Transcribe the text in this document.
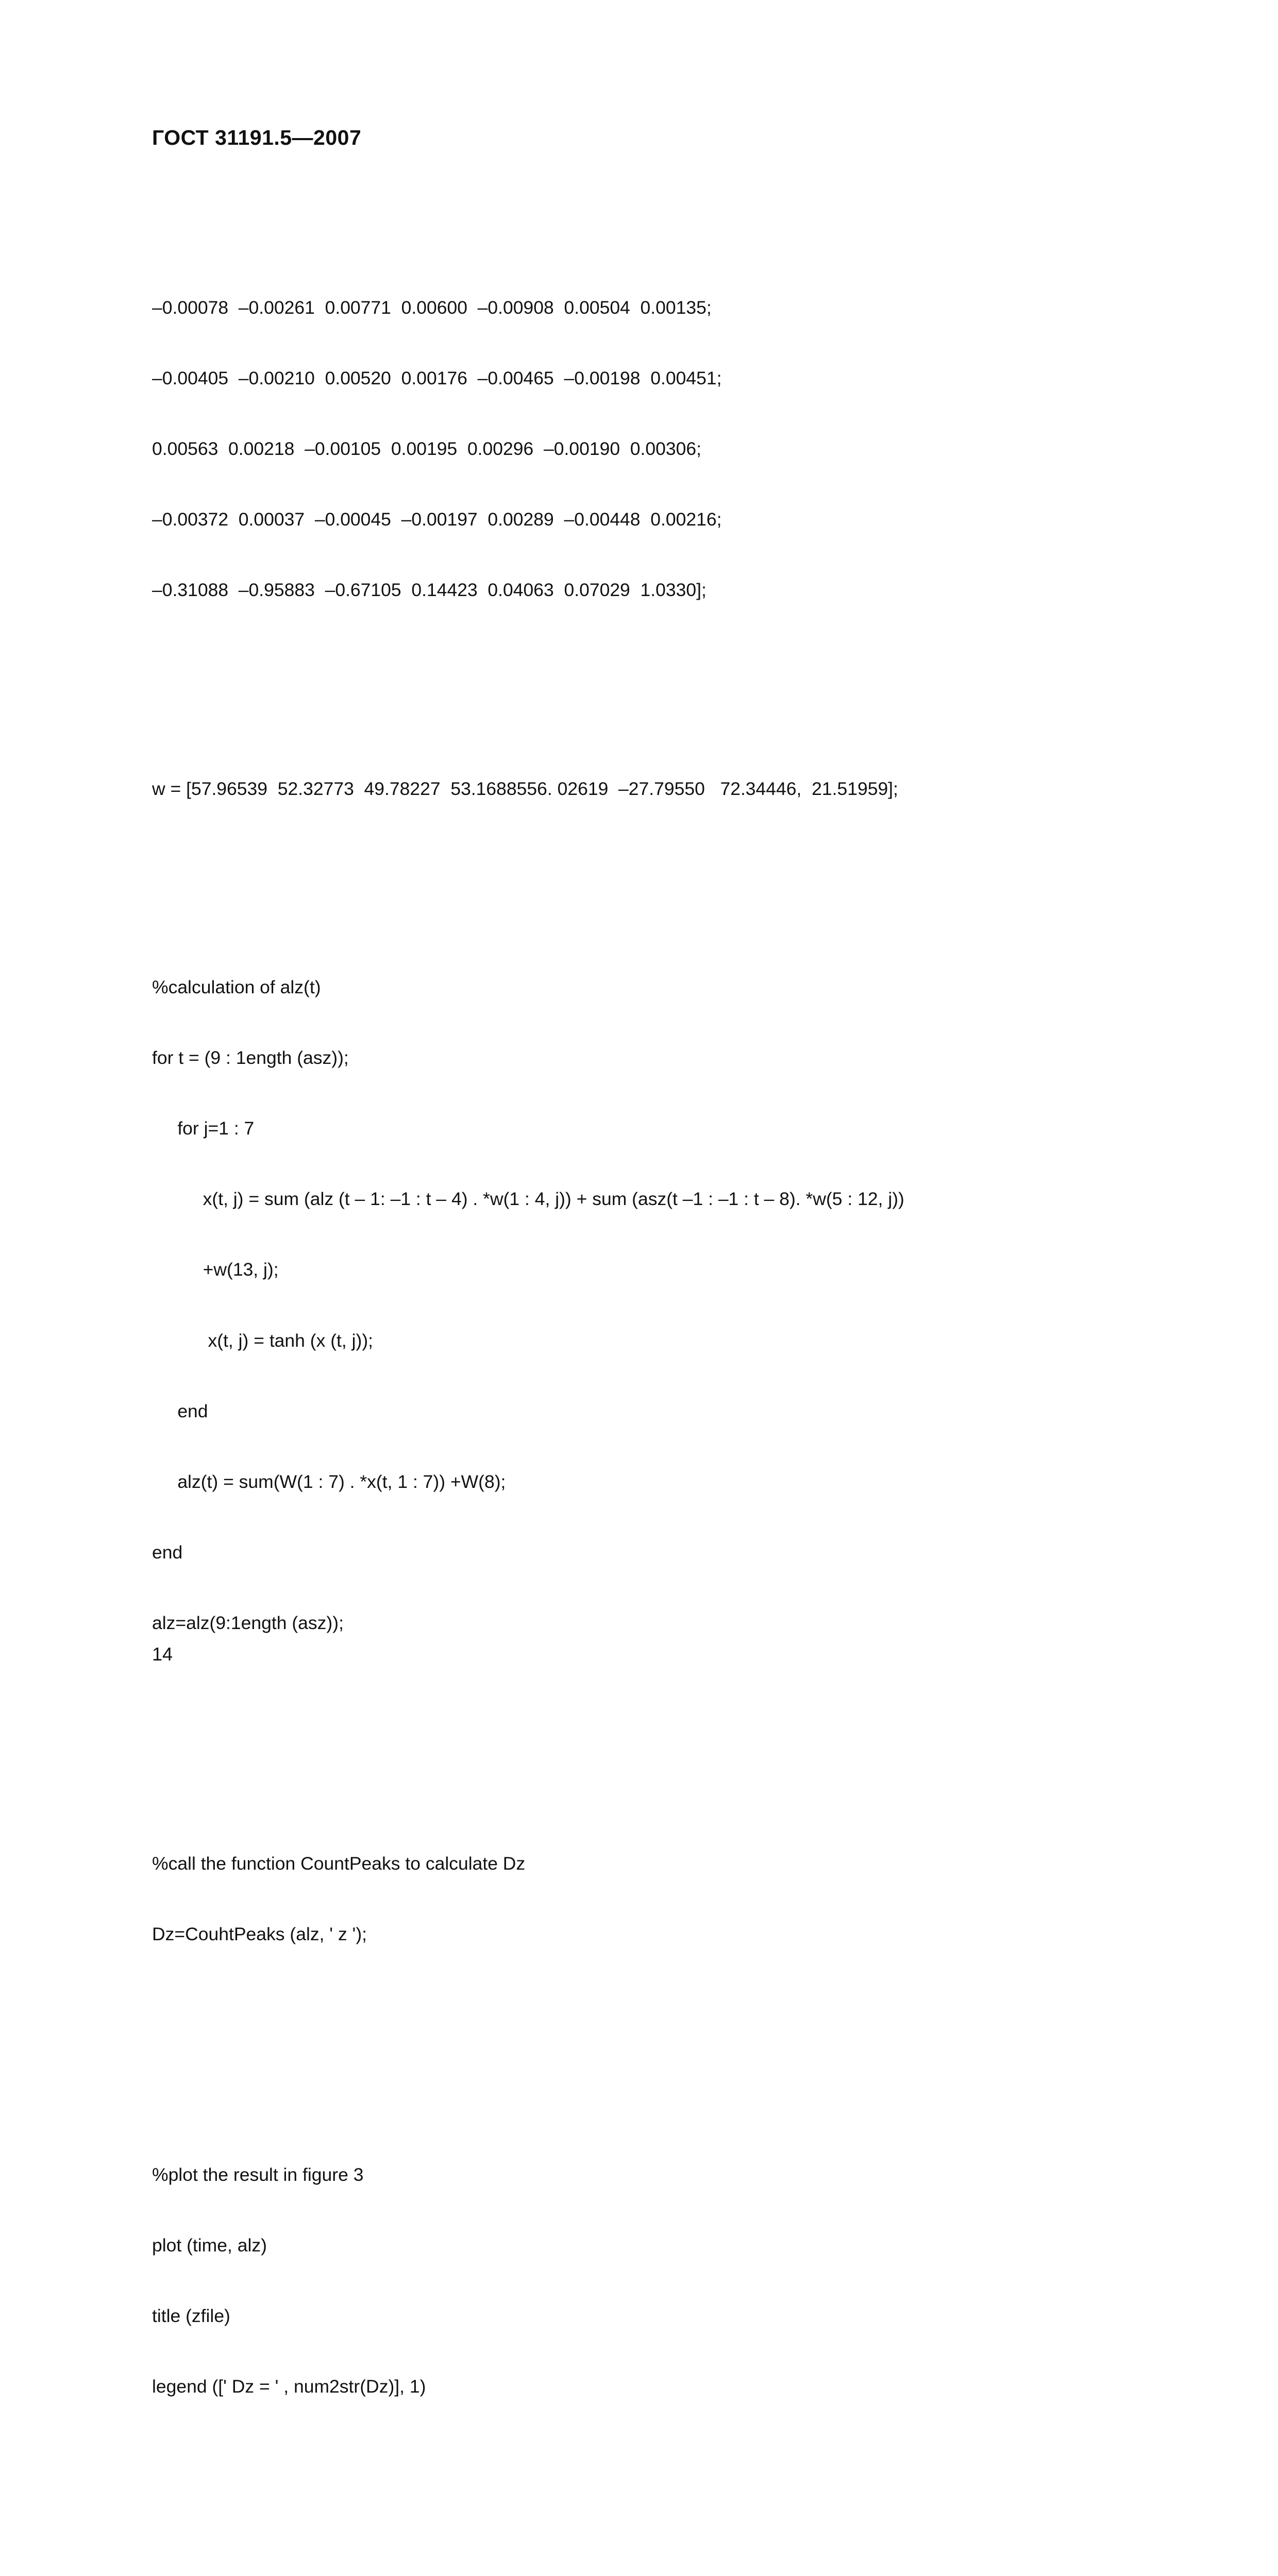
ГОСТ 31191.5—2007

–0.00078  –0.00261  0.00771  0.00600  –0.00908  0.00504  0.00135;

–0.00405  –0.00210  0.00520  0.00176  –0.00465  –0.00198  0.00451;

0.00563  0.00218  –0.00105  0.00195  0.00296  –0.00190  0.00306;

–0.00372  0.00037  –0.00045  –0.00197  0.00289  –0.00448  0.00216;

–0.31088  –0.95883  –0.67105  0.14423  0.04063  0.07029  1.0330];

w = [57.96539  52.32773  49.78227  53.1688556. 02619  –27.79550   72.34446,  21.51959];

%calculation of alz(t)

for t = (9 : 1ength (asz));

for j=1 : 7

x(t, j) = sum (alz (t – 1: –1 : t – 4) . *w(1 : 4, j)) + sum (asz(t –1 : –1 : t – 8). *w(5 : 12, j))

+w(13, j);

x(t, j) = tanh (x (t, j));

end

alz(t) = sum(W(1 : 7) . *x(t, 1 : 7)) +W(8);

end

alz=alz(9:1ength (asz));

%call the function CountPeaks to calculate Dz

Dz=CouhtPeaks (alz, ' z ');

%plot the result in figure 3

plot (time, alz)

title (zfile)

legend ([' Dz = ' , num2str(Dz)], 1)

14
